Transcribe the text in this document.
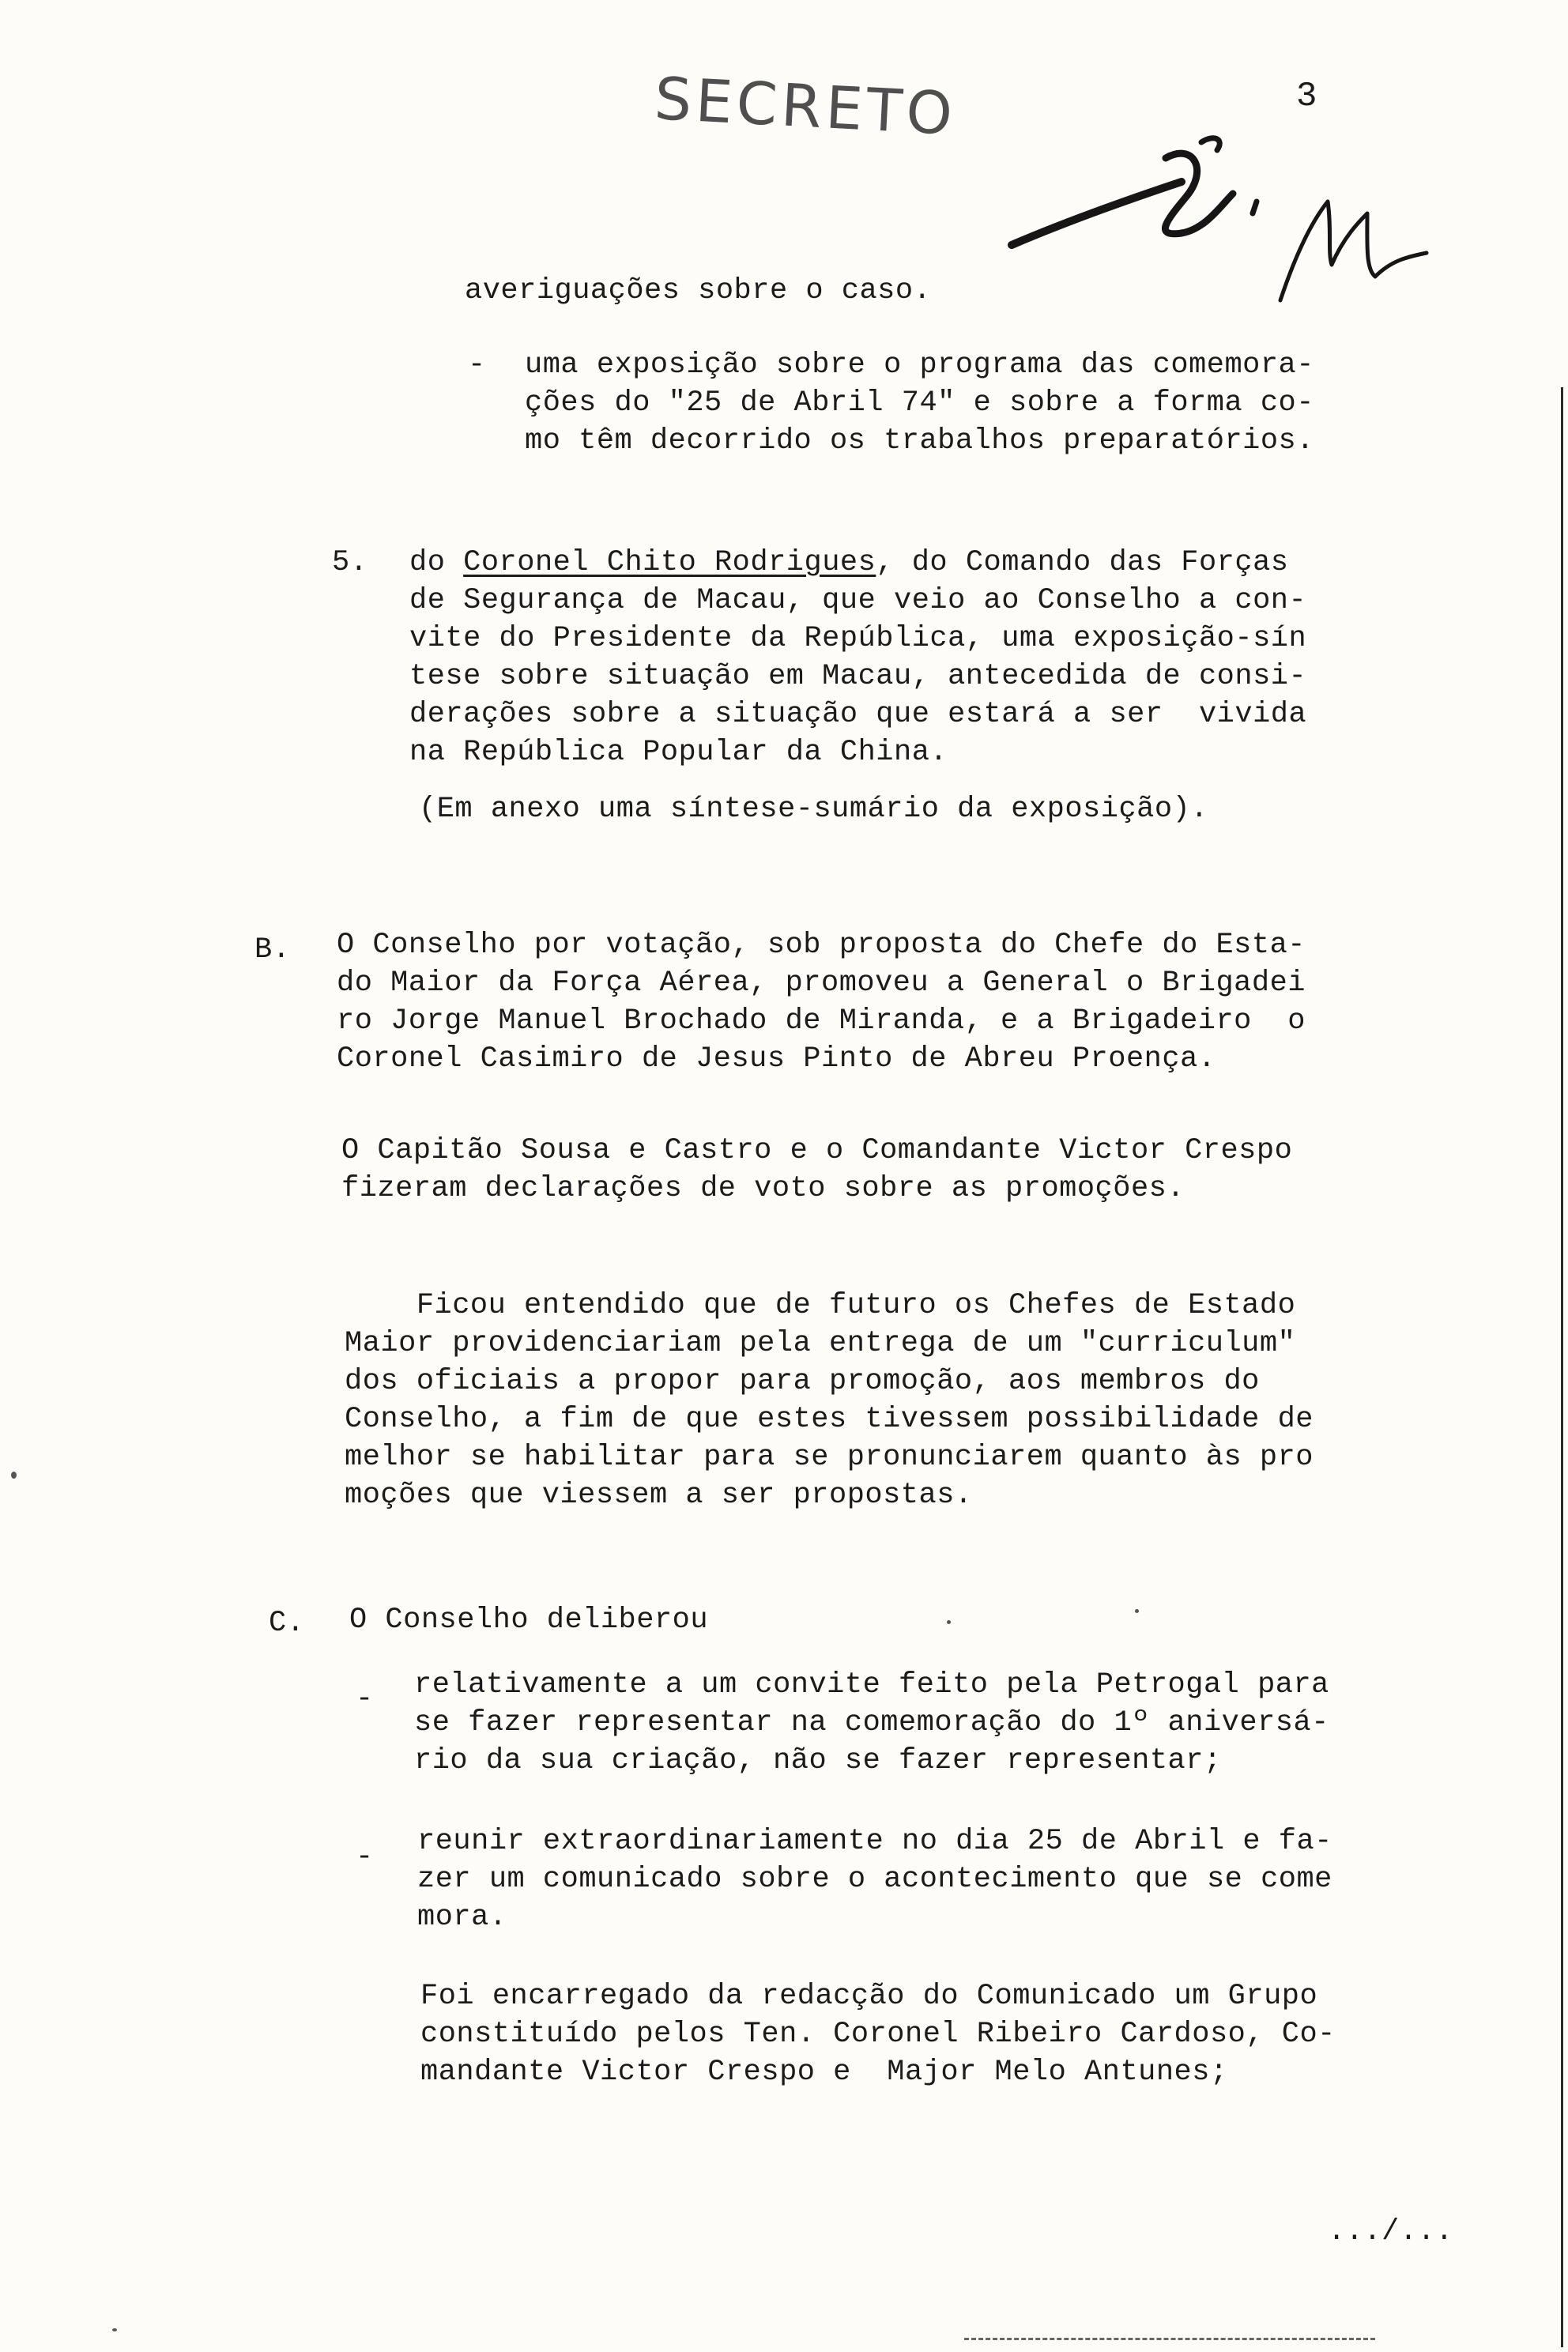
SECRETO	3
averiguações sobre o caso.
- uma exposição sobre o programa das comemora-
ções do "25 de Abril 74" e sobre a forma co-
mo têm decorrido os trabalhos preparatórios.
5. do Coronel Chito Rodrigues, do Comando das Forças
de Segurança de Macau, que veio ao Conselho a con-
vite do Presidente da República, uma exposição-sín
tese sobre situação em Macau, antecedida de consi-
derações sobre a situação que estará a ser  vivida
na República Popular da China.
(Em anexo uma síntese-sumário da exposição).
B. O Conselho por votação, sob proposta do Chefe do Esta-
do Maior da Força Aérea, promoveu a General o Brigadei
ro Jorge Manuel Brochado de Miranda, e a Brigadeiro  o
Coronel Casimiro de Jesus Pinto de Abreu Proença.
O Capitão Sousa e Castro e o Comandante Victor Crespo
fizeram declarações de voto sobre as promoções.
Ficou entendido que de futuro os Chefes de Estado
Maior providenciariam pela entrega de um "curriculum"
dos oficiais a propor para promoção, aos membros do
Conselho, a fim de que estes tivessem possibilidade de
melhor se habilitar para se pronunciarem quanto às pro
moções que viessem a ser propostas.
C. O Conselho deliberou
- relativamente a um convite feito pela Petrogal para
se fazer representar na comemoração do 1º aniversá-
rio da sua criação, não se fazer representar;
- reunir extraordinariamente no dia 25 de Abril e fa-
zer um comunicado sobre o acontecimento que se come
mora.
Foi encarregado da redacção do Comunicado um Grupo
constituído pelos Ten. Coronel Ribeiro Cardoso, Co-
mandante Victor Crespo e  Major Melo Antunes;
.../...
